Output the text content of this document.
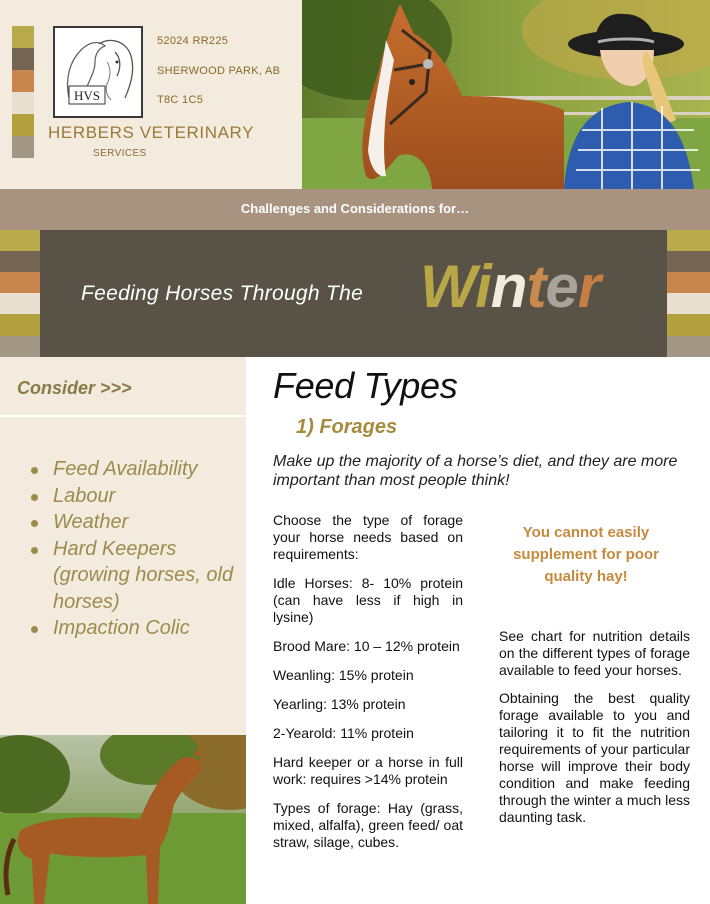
HVS
52024 RR225
SHERWOOD PARK, AB
T8C 1C5
HERBERS VETERINARY
SERVICES
Challenges and Considerations for…
Feeding Horses Through The Winter
Consider >>>
Feed Availability
Labour
Weather
Hard Keepers (growing horses, old horses)
Impaction Colic
Feed Types
1) Forages
Make up the majority of a horse’s diet, and they are more important than most people think!

Choose the type of forage your horse needs based on requirements:

Idle Horses: 8- 10% protein (can have less if high in lysine)

Brood Mare: 10 – 12% protein

Weanling: 15% protein

Yearling: 13% protein

2-Yearold: 11% protein

Hard keeper or a horse in full work: requires >14% protein

Types of forage: Hay (grass, mixed, alfalfa), green feed/ oat straw, silage, cubes.

You cannot easily supplement for poor quality hay!

See chart for nutrition details on the different types of forage available to feed your horses.

Obtaining the best quality forage available to you and tailoring it to fit the nutrition requirements of your particular horse will improve their body condition and make feeding through the winter a much less daunting task.
